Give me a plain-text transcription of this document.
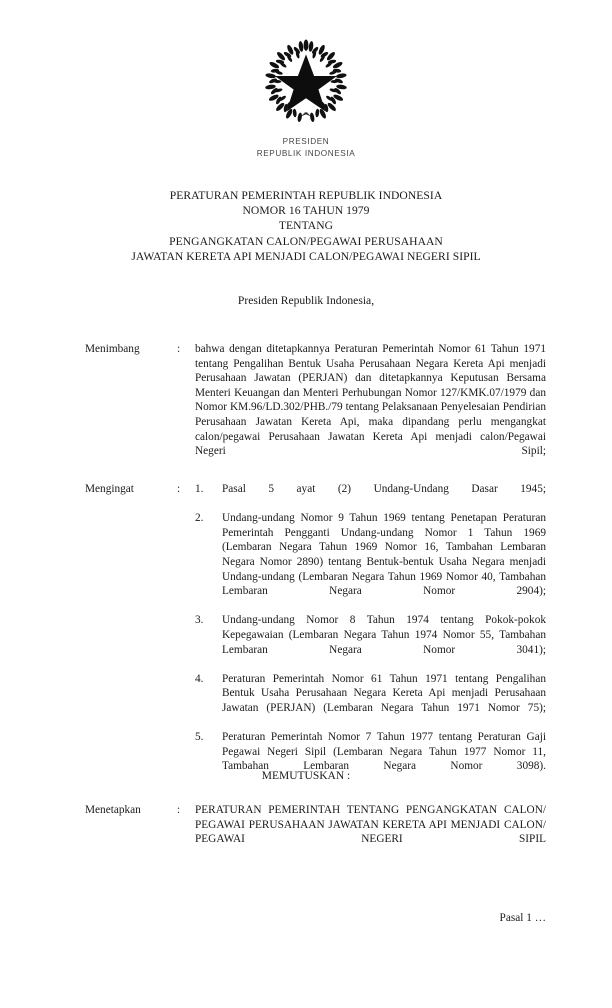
PRESIDEN
REPUBLIK INDONESIA
PERATURAN PEMERINTAH REPUBLIK INDONESIA
NOMOR 16 TAHUN 1979
TENTANG
PENGANGKATAN CALON/PEGAWAI PERUSAHAAN
JAWATAN KERETA API MENJADI CALON/PEGAWAI NEGERI SIPIL
Presiden Republik Indonesia,
Menimbang	: bahwa dengan ditetapkannya Peraturan Pemerintah Nomor 61 Tahun 1971 tentang Pengalihan Bentuk Usaha Perusahaan Negara Kereta Api menjadi Perusahaan Jawatan (PERJAN) dan ditetapkannya Keputusan Bersama Menteri Keuangan dan Menteri Perhubungan Nomor 127/KMK.07/1979 dan Nomor KM.96/LD.302/PHB./79 tentang Pelaksanaan Penyelesaian Pendirian Perusahaan Jawatan Kereta Api, maka dipandang perlu mengangkat calon/pegawai Perusahaan Jawatan Kereta Api menjadi calon/Pegawai Negeri Sipil;
Mengingat	: 1.	Pasal 5 ayat (2) Undang-Undang Dasar 1945;
2.	Undang-undang Nomor 9 Tahun 1969 tentang Penetapan Peraturan Pemerintah Pengganti Undang-undang Nomor 1 Tahun 1969 (Lembaran Negara Tahun 1969 Nomor 16, Tambahan Lembaran Negara Nomor 2890) tentang Bentuk-bentuk Usaha Negara menjadi Undang-undang (Lembaran Negara Tahun 1969 Nomor 40, Tambahan Lembaran Negara Nomor 2904);
3.	Undang-undang Nomor 8 Tahun 1974 tentang Pokok-pokok Kepegawaian (Lembaran Negara Tahun 1974 Nomor 55, Tambahan Lembaran Negara Nomor 3041);
4.	Peraturan Pemerintah Nomor 61 Tahun 1971 tentang Pengalihan Bentuk Usaha Perusahaan Negara Kereta Api menjadi Perusahaan Jawatan (PERJAN) (Lembaran Negara Tahun 1971 Nomor 75);
5.	Peraturan Pemerintah Nomor 7 Tahun 1977 tentang Peraturan Gaji Pegawai Negeri Sipil (Lembaran Negara Tahun 1977 Nomor 11, Tambahan Lembaran Negara Nomor 3098).
MEMUTUSKAN :
Menetapkan	: PERATURAN PEMERINTAH TENTANG PENGANGKATAN CALON/ PEGAWAI PERUSAHAAN JAWATAN KERETA API MENJADI CALON/ PEGAWAI NEGERI SIPIL
Pasal 1 …
